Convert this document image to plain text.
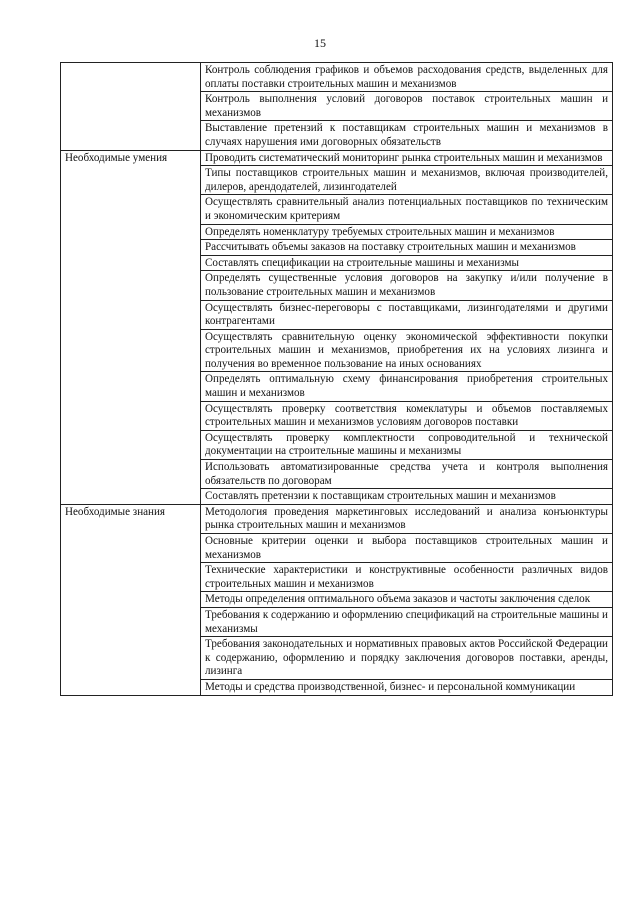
15
	Контроль соблюдения графиков и объемов расходования средств, выделенных для оплаты поставки строительных машин и механизмов
	Контроль выполнения условий договоров поставок строительных машин и механизмов
	Выставление претензий к поставщикам строительных машин и механизмов в случаях нарушения ими договорных обязательств
Необходимые умения	Проводить систематический мониторинг рынка строительных машин и механизмов
	Типы поставщиков строительных машин и механизмов, включая производителей, дилеров, арендодателей, лизингодателей
	Осуществлять сравнительный анализ потенциальных поставщиков по техническим и экономическим критериям
	Определять номенклатуру требуемых строительных машин и механизмов
	Рассчитывать объемы заказов на поставку строительных машин и механизмов
	Составлять спецификации на строительные машины и механизмы
	Определять существенные условия договоров на закупку и/или получение в пользование строительных машин и механизмов
	Осуществлять бизнес-переговоры с поставщиками, лизингодателями и другими контрагентами
	Осуществлять сравнительную оценку экономической эффективности покупки строительных машин и механизмов, приобретения их на условиях лизинга и получения во временное пользование на иных основаниях
	Определять оптимальную схему финансирования приобретения строительных машин и механизмов
	Осуществлять проверку соответствия комеклатуры и объемов поставляемых строительных машин и механизмов условиям договоров поставки
	Осуществлять проверку комплектности сопроводительной и технической документации на строительные машины и механизмы
	Использовать автоматизированные средства учета и контроля выполнения обязательств по договорам
	Составлять претензии к поставщикам строительных машин и механизмов
Необходимые знания	Методология проведения маркетинговых исследований и анализа конъюнктуры рынка строительных машин и механизмов
	Основные критерии оценки и выбора поставщиков строительных машин и механизмов
	Технические характеристики и конструктивные особенности различных видов строительных машин и механизмов
	Методы определения оптимального объема заказов и частоты заключения сделок
	Требования к содержанию и оформлению спецификаций на строительные машины и механизмы
	Требования законодательных и нормативных правовых актов Российской Федерации к содержанию, оформлению и порядку заключения договоров поставки, аренды, лизинга
	Методы и средства производственной, бизнес- и персональной коммуникации
